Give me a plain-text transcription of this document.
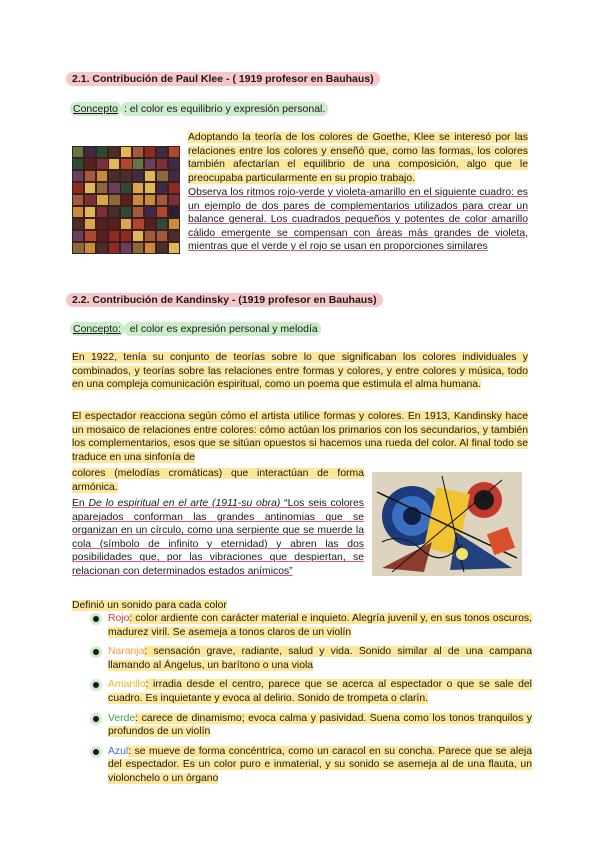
2.1. Contribución de Paul Klee - ( 1919 profesor en Bauhaus)
Concepto : el color es equilibrio y expresión personal.
Adoptando la teoría de los colores de Goethe, Klee se interesó por las relaciones entre los colores y enseñó que, como las formas, los colores también afectarían el equilibrio de una composición, algo que le preocupaba particularmente en su propio trabajo.
Observa los ritmos rojo-verde y violeta-amarillo en el siguiente cuadro: es un ejemplo de dos pares de complementarios utilizados para crear un balance general. Los cuadrados pequeños y potentes de color amarillo cálido emergente se compensan con áreas más grandes de violeta, mientras que el verde y el rojo se usan en proporciones similares
2.2. Contribución de Kandinsky - (1919 profesor en Bauhaus)
Concepto: el color es expresión personal y melodía
En 1922, tenía su conjunto de teorías sobre lo que significaban los colores individuales y combinados, y teorías sobre las relaciones entre formas y colores, y entre colores y música, todo en una compleja comunicación espiritual, como un poema que estimula el alma humana.
El espectador reacciona según cómo el artista utilice formas y colores. En 1913, Kandinsky hace un mosaico de relaciones entre colores: cómo actúan los primarios con los secundarios, y también los complementarios, esos que se sitúan opuestos si hacemos una rueda del color. Al final todo se traduce en una sinfonía de
colores (melodías cromáticas) que interactúan de forma armónica.
En De lo espiritual en el arte (1911-su obra) “Los seis colores aparejados conforman las grandes antinomias que se organizan en un círculo, como una serpiente que se muerde la cola (símbolo de infinito y eternidad) y abren las dos posibilidades que, por las vibraciones que despiertan, se relacionan con determinados estados anímicos”
Definió un sonido para cada color
Rojo: color ardiente con carácter material e inquieto. Alegría juvenil y, en sus tonos oscuros, madurez viril. Se asemeja a tonos claros de un violín
Naranja: sensación grave, radiante, salud y vida. Sonido similar al de una campana llamando al Ángelus, un barítono o una viola
Amarillo: irradia desde el centro, parece que se acerca al espectador o que se sale del cuadro. Es inquietante y evoca al delirio. Sonido de trompeta o clarín.
Verde: carece de dinamismo; evoca calma y pasividad. Suena como los tonos tranquilos y profundos de un violín
Azul: se mueve de forma concéntrica, como un caracol en su concha. Parece que se aleja del espectador. Es un color puro e inmaterial, y su sonido se asemeja al de una flauta, un violonchelo o un órgano
